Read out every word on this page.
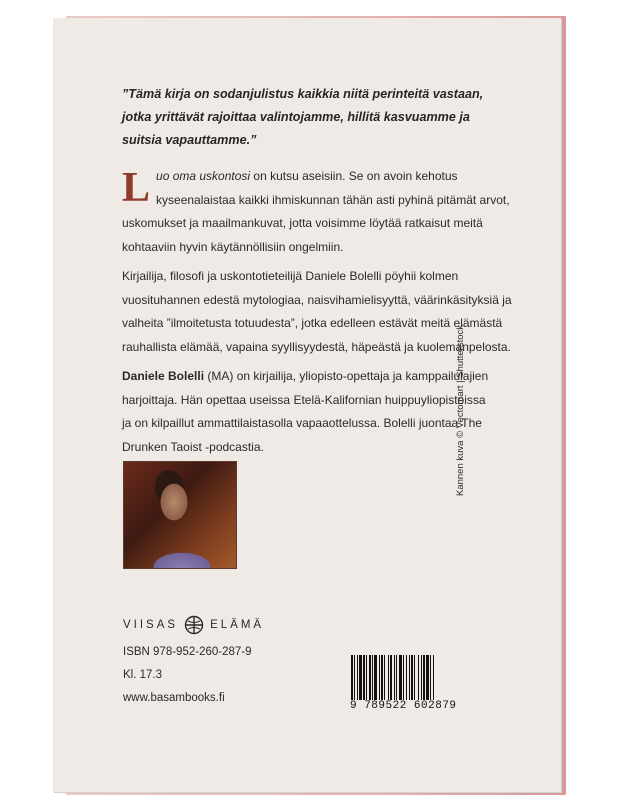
”Tämä kirja on sodanjulistus kaikkia niitä perinteitä vastaan,
jotka yrittävät rajoittaa valintojamme, hillitä kasvuamme ja
suitsia vapauttamme.”
L uo oma uskontosi on kutsu aseisiin. Se on avoin kehotus
kyseenalaistaa kaikki ihmiskunnan tähän asti pyhinä pitämät arvot,
uskomukset ja maailmankuvat, jotta voisimme löytää ratkaisut meitä
kohtaaviin hyvin käytännöllisiin ongelmiin.
Kirjailija, filosofi ja uskontotieteilijä Daniele Bolelli pöyhii kolmen
vuosituhannen edestä mytologiaa, naisvihamielisyyttä, väärinkäsityksiä ja
valheita ”ilmoitetusta totuudesta”, jotka edelleen estävät meitä elämästä
rauhallista elämää, vapaina syyllisyydestä, häpeästä ja kuolemanpelosta.
Daniele Bolelli (MA) on kirjailija, yliopisto-opettaja ja kamppailulajien
harjoittaja. Hän opettaa useissa Etelä-Kalifornian huippuyliopistoissa
ja on kilpaillut ammattilaistasolla vapaaottelussa. Bolelli juontaa The
Drunken Taoist -podcastia.
VIISAS	ELÄMÄ
ISBN 978-952-260-287-9
Kl. 17.3
www.basambooks.fi
9 789522 602879
Kannen kuva © Vectomart | Shutterstock
